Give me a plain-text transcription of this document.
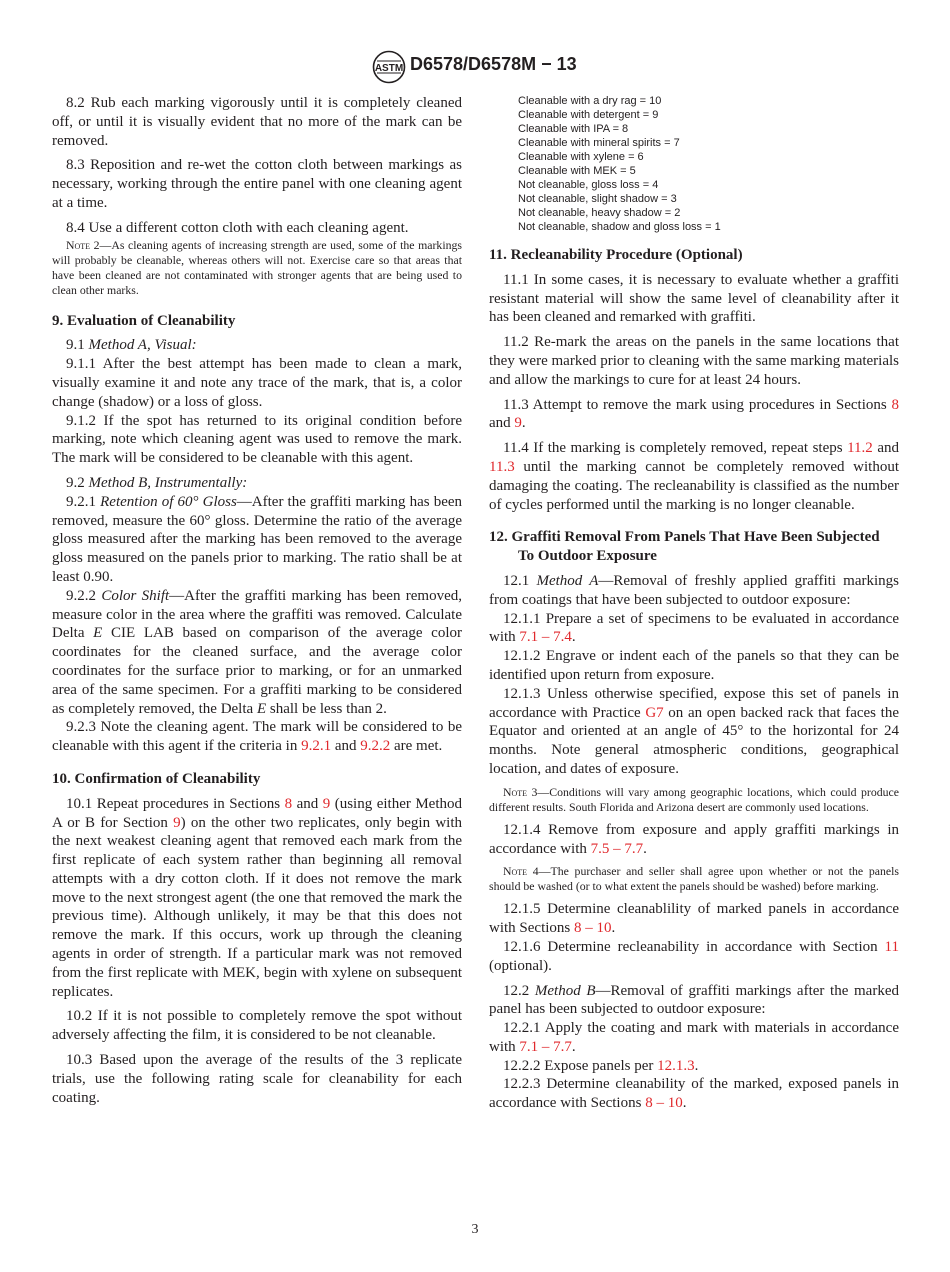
ASTM D6578/D6578M − 13

8.2 Rub each marking vigorously until it is completely cleaned off, or until it is visually evident that no more of the mark can be removed.

8.3 Reposition and re-wet the cotton cloth between markings as necessary, working through the entire panel with one cleaning agent at a time.

8.4 Use a different cotton cloth with each cleaning agent.

Note 2—As cleaning agents of increasing strength are used, some of the markings will probably be cleanable, whereas others will not. Exercise care so that areas that have been cleaned are not contaminated with stronger agents that are being used to clean other marks.

9. Evaluation of Cleanability

9.1 Method A, Visual:

9.1.1 After the best attempt has been made to clean a mark, visually examine it and note any trace of the mark, that is, a color change (shadow) or a loss of gloss.

9.1.2 If the spot has returned to its original condition before marking, note which cleaning agent was used to remove the mark. The mark will be considered to be cleanable with this agent.

9.2 Method B, Instrumentally:

9.2.1 Retention of 60° Gloss—After the graffiti marking has been removed, measure the 60° gloss. Determine the ratio of the average gloss measured after the marking has been removed to the average gloss measured on the panels prior to marking. The ratio shall be at least 0.90.

9.2.2 Color Shift—After the graffiti marking has been removed, measure color in the area where the graffiti was removed. Calculate Delta E CIE LAB based on comparison of the average color coordinates for the cleaned surface, and the average color coordinates for the surface prior to marking, or for an unmarked area of the same specimen. For a graffiti marking to be considered as completely removed, the Delta E shall be less than 2.

9.2.3 Note the cleaning agent. The mark will be considered to be cleanable with this agent if the criteria in 9.2.1 and 9.2.2 are met.

10. Confirmation of Cleanability

10.1 Repeat procedures in Sections 8 and 9 (using either Method A or B for Section 9) on the other two replicates, only begin with the next weakest cleaning agent that removed each mark from the first replicate of each system rather than beginning all removal attempts with a dry cotton cloth. If it does not remove the mark move to the next strongest agent (the one that removed the mark the previous time). Although unlikely, it may be that this does not remove the mark. If this occurs, work up through the cleaning agents in order of strength. If a particular mark was not removed from the first replicate with MEK, begin with xylene on subsequent replicates.

10.2 If it is not possible to completely remove the spot without adversely affecting the film, it is considered to be not cleanable.

10.3 Based upon the average of the results of the 3 replicate trials, use the following rating scale for cleanability for each coating.

Cleanable with a dry rag = 10
Cleanable with detergent = 9
Cleanable with IPA = 8
Cleanable with mineral spirits = 7
Cleanable with xylene = 6
Cleanable with MEK = 5
Not cleanable, gloss loss = 4
Not cleanable, slight shadow = 3
Not cleanable, heavy shadow = 2
Not cleanable, shadow and gloss loss = 1
11. Recleanability Procedure (Optional)

11.1 In some cases, it is necessary to evaluate whether a graffiti resistant material will show the same level of cleanability after it has been cleaned and remarked with graffiti.

11.2 Re-mark the areas on the panels in the same locations that they were marked prior to cleaning with the same marking materials and allow the markings to cure for at least 24 hours.

11.3 Attempt to remove the mark using procedures in Sections 8 and 9.

11.4 If the marking is completely removed, repeat steps 11.2 and 11.3 until the marking cannot be completely removed without damaging the coating. The recleanability is classified as the number of cycles performed until the marking is no longer cleanable.

12. Graffiti Removal From Panels That Have Been Subjected To Outdoor Exposure

12.1 Method A—Removal of freshly applied graffiti markings from coatings that have been subjected to outdoor exposure:

12.1.1 Prepare a set of specimens to be evaluated in accordance with 7.1 – 7.4.

12.1.2 Engrave or indent each of the panels so that they can be identified upon return from exposure.

12.1.3 Unless otherwise specified, expose this set of panels in accordance with Practice G7 on an open backed rack that faces the Equator and oriented at an angle of 45° to the horizontal for 24 months. Note general atmospheric conditions, geographical location, and dates of exposure.

Note 3—Conditions will vary among geographic locations, which could produce different results. South Florida and Arizona desert are commonly used locations.

12.1.4 Remove from exposure and apply graffiti markings in accordance with 7.5 – 7.7.

Note 4—The purchaser and seller shall agree upon whether or not the panels should be washed (or to what extent the panels should be washed) before marking.

12.1.5 Determine cleanablility of marked panels in accordance with Sections 8 – 10.

12.1.6 Determine recleanability in accordance with Section 11 (optional).

12.2 Method B—Removal of graffiti markings after the marked panel has been subjected to outdoor exposure:

12.2.1 Apply the coating and mark with materials in accordance with 7.1 – 7.7.

12.2.2 Expose panels per 12.1.3.

12.2.3 Determine cleanability of the marked, exposed panels in accordance with Sections 8 – 10.

3
